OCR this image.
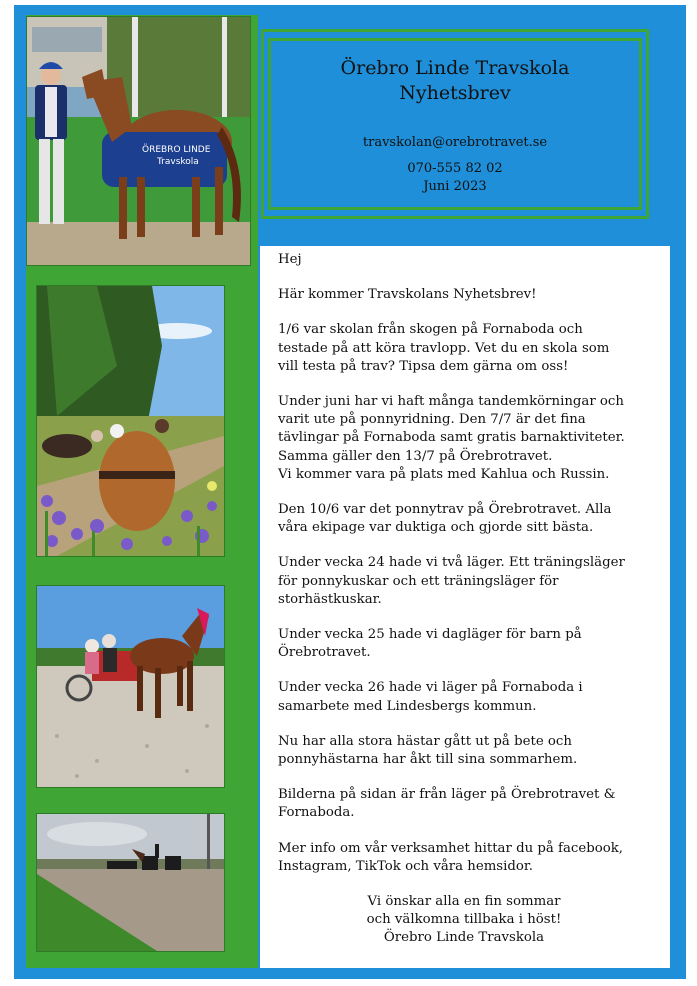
ÖREBRO LINDE
Travskola
Örebro Linde Travskola
Nyhetsbrev
travskolan@orebrotravet.se
070-555 82 02
Juni 2023

Hej

Här kommer Travskolans Nyhetsbrev!

1/6 var skolan från skogen på Fornaboda och
testade på att köra travlopp. Vet du en skola som
vill testa på trav? Tipsa dem gärna om oss!

Under juni har vi haft många tandemkörningar och
varit ute på ponnyridning. Den 7/7 är det fina
tävlingar på Fornaboda samt gratis barnaktiviteter.
Samma gäller den 13/7 på Örebrotravet.
Vi kommer vara på plats med Kahlua och Russin.

Den 10/6 var det ponnytrav på Örebrotravet. Alla
våra ekipage var duktiga och gjorde sitt bästa.

Under vecka 24 hade vi två läger. Ett träningsläger
för ponnykuskar och ett träningsläger för
storhästkuskar.

Under vecka 25 hade vi dagläger för barn på
Örebrotravet.

Under vecka 26 hade vi läger på Fornaboda i
samarbete med Lindesbergs kommun.

Nu har alla stora hästar gått ut på bete och
ponnyhästarna har åkt till sina sommarhem.

Bilderna på sidan är från läger på Örebrotravet &
Fornaboda.

Mer info om vår verksamhet hittar du på facebook,
Instagram, TikTok och våra hemsidor.

Vi önskar alla en fin sommar
och välkomna tillbaka i höst!
Örebro Linde Travskola
